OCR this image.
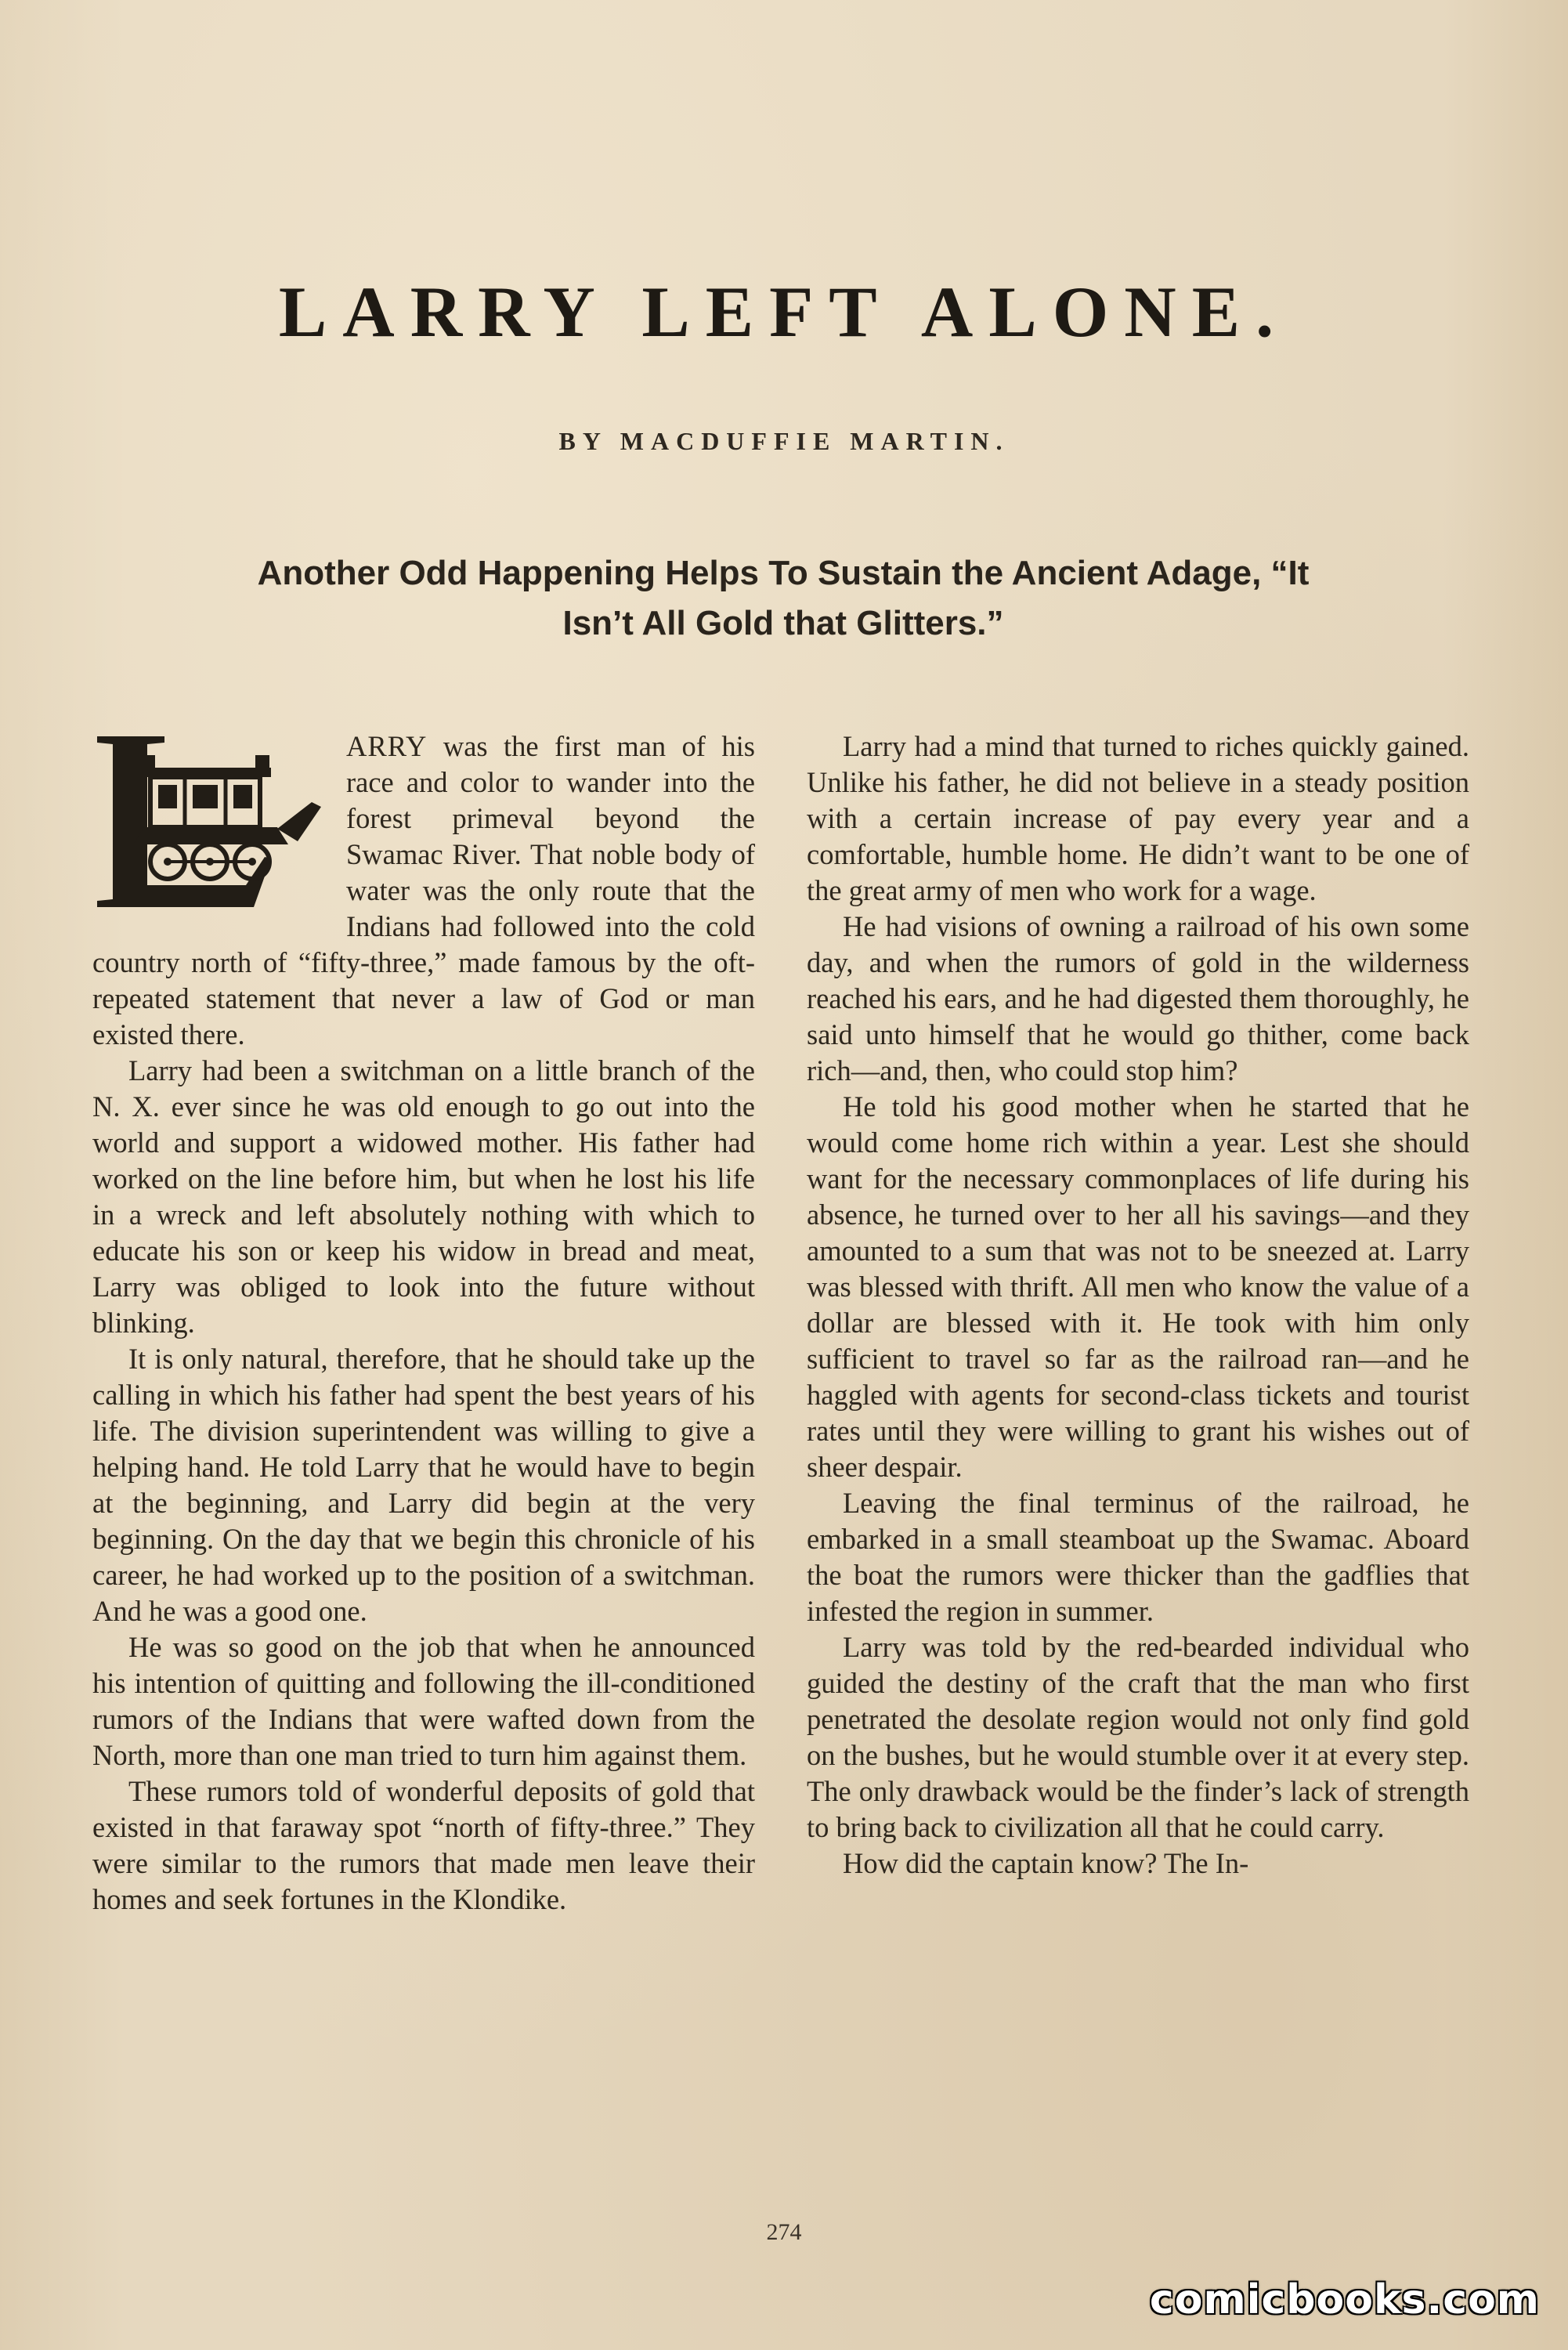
LARRY LEFT ALONE.
BY MACDUFFIE MARTIN.
Another Odd Happening Helps To Sustain the Ancient Adage, “It Isn’t All Gold that Glitters.”

ARRY was the first man of his race and color to wander into the forest primeval beyond the Swamac River. That noble body of water was the only route that the Indians had followed into the cold country north of “fifty-three,” made famous by the oft-repeated statement that never a law of God or man existed there.

Larry had been a switchman on a little branch of the N. X. ever since he was old enough to go out into the world and support a widowed mother. His father had worked on the line before him, but when he lost his life in a wreck and left absolutely nothing with which to educate his son or keep his widow in bread and meat, Larry was obliged to look into the future without blinking.

It is only natural, therefore, that he should take up the calling in which his father had spent the best years of his life. The division superintendent was willing to give a helping hand. He told Larry that he would have to begin at the beginning, and Larry did begin at the very beginning. On the day that we begin this chronicle of his career, he had worked up to the position of a switchman. And he was a good one.

He was so good on the job that when he announced his intention of quitting and following the ill-conditioned rumors of the Indians that were wafted down from the North, more than one man tried to turn him against them.

These rumors told of wonderful deposits of gold that existed in that faraway spot “north of fifty-three.” They were similar to the rumors that made men leave their homes and seek fortunes in the Klondike.

Larry had a mind that turned to riches quickly gained. Unlike his father, he did not believe in a steady position with a certain increase of pay every year and a comfortable, humble home. He didn’t want to be one of the great army of men who work for a wage.

He had visions of owning a railroad of his own some day, and when the rumors of gold in the wilderness reached his ears, and he had digested them thoroughly, he said unto himself that he would go thither, come back rich—and, then, who could stop him?

He told his good mother when he started that he would come home rich within a year. Lest she should want for the necessary commonplaces of life during his absence, he turned over to her all his savings—and they amounted to a sum that was not to be sneezed at. Larry was blessed with thrift. All men who know the value of a dollar are blessed with it. He took with him only sufficient to travel so far as the railroad ran—and he haggled with agents for second-class tickets and tourist rates until they were willing to grant his wishes out of sheer despair.

Leaving the final terminus of the railroad, he embarked in a small steamboat up the Swamac. Aboard the boat the rumors were thicker than the gadflies that infested the region in summer.

Larry was told by the red-bearded individual who guided the destiny of the craft that the man who first penetrated the desolate region would not only find gold on the bushes, but he would stumble over it at every step. The only drawback would be the finder’s lack of strength to bring back to civilization all that he could carry.

How did the captain know? The In-

274
comicbooks.com
